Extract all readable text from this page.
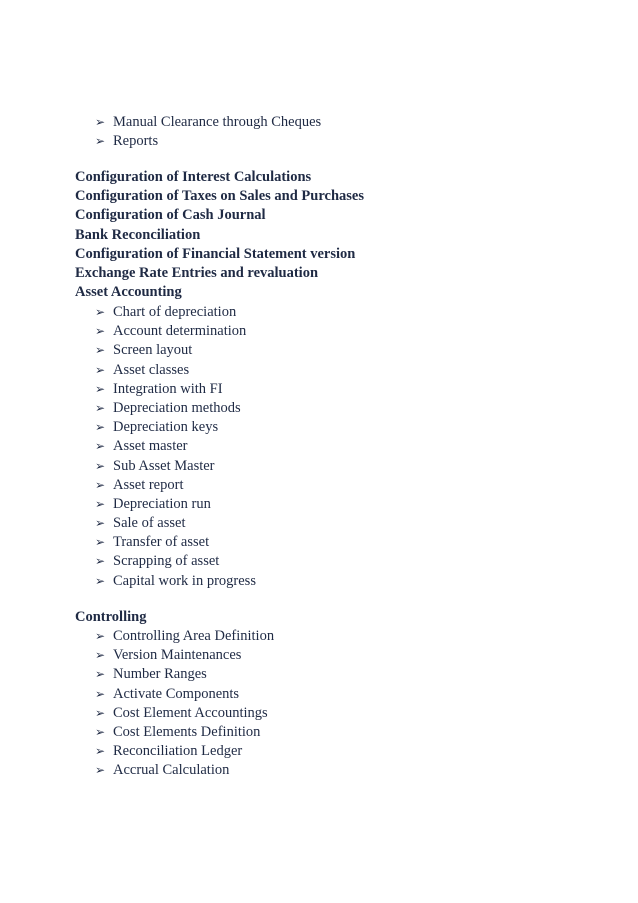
➢ Manual Clearance through Cheques
➢ Reports

Configuration of Interest Calculations

Configuration of Taxes on Sales and Purchases

Configuration of Cash Journal

Bank Reconciliation

Configuration of Financial Statement version

Exchange Rate Entries and revaluation

Asset Accounting

➢ Chart of depreciation
➢ Account determination
➢ Screen layout
➢ Asset classes
➢ Integration with FI
➢ Depreciation methods
➢ Depreciation keys
➢ Asset master
➢ Sub Asset Master
➢ Asset report
➢ Depreciation run
➢ Sale of asset
➢ Transfer of asset
➢ Scrapping of asset
➢ Capital work in progress

Controlling

➢ Controlling Area Definition
➢ Version Maintenances
➢ Number Ranges
➢ Activate Components
➢ Cost Element Accountings
➢ Cost Elements Definition
➢ Reconciliation Ledger
➢ Accrual Calculation
